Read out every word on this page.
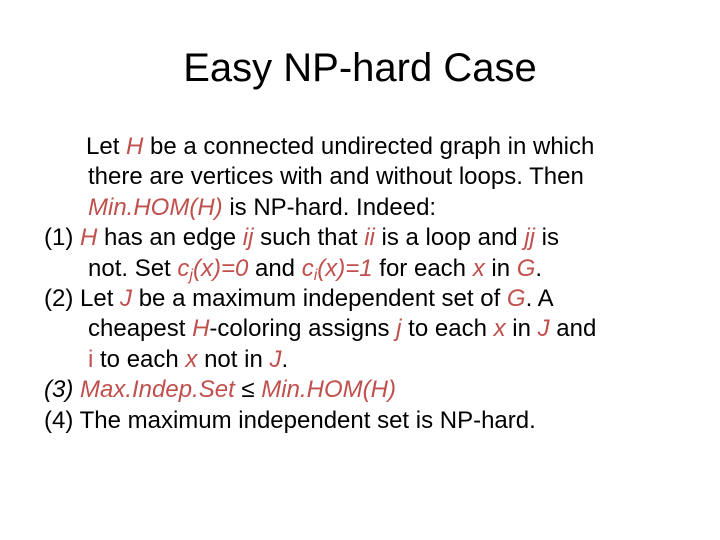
Easy NP-hard Case
Let H be a connected undirected graph in which
there are vertices with and without loops. Then
Min.HOM(H) is NP-hard. Indeed:
(1) H has an edge ij such that ii is a loop and jj is
not. Set $c_j(x)=0$ and $c_i(x)=1$ for each x in G.
(2) Let J be a maximum independent set of G. A
cheapest H-coloring assigns j to each x in J and
i to each x not in J.
(3) Max.Indep.Set ≤ Min.HOM(H)
(4) The maximum independent set is NP-hard.
